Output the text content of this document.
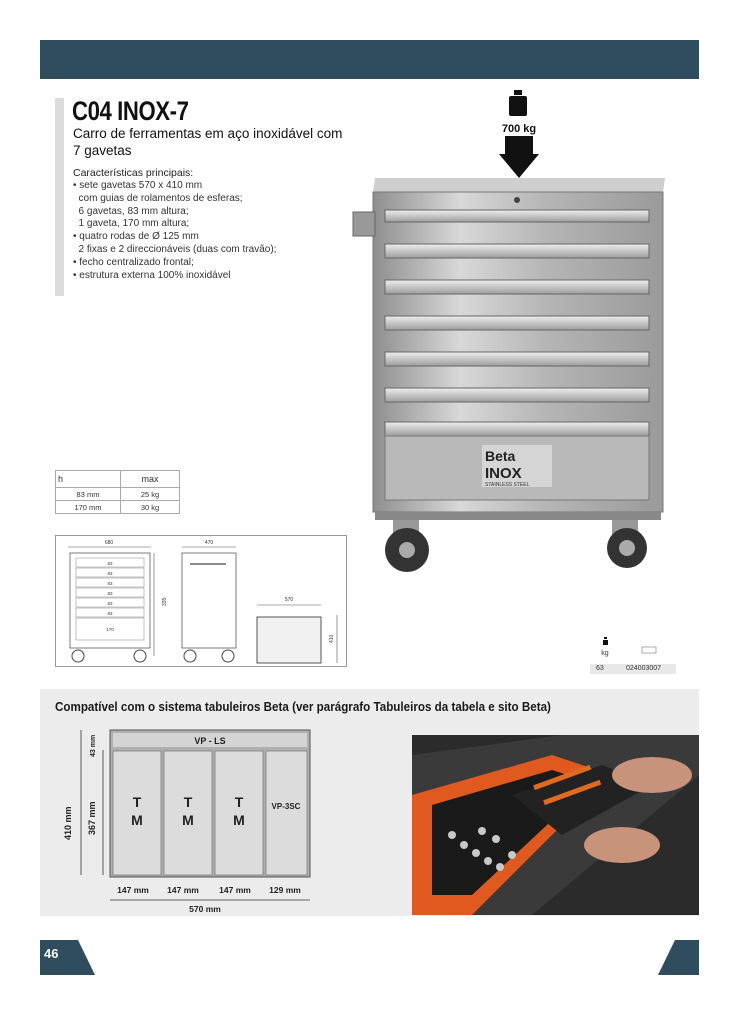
C04 INOX-7
Carro de ferramentas em aço inoxidável com 7 gavetas
Características principais:
• sete gavetas 570 x 410 mm
com guias de rolamentos de esferas;
6 gavetas, 83 mm altura;
1 gaveta, 170 mm altura;
• quatro rodas de Ø 125 mm
2 fixas e 2 direccionáveis (duas com travão);
• fecho centralizado frontal;
• estrutura externa 100% inoxidável
700 kg
Beta
INOX
STAINLESS STEEL
h	max
83 mm	25 kg
170 mm	30 kg
680
83
83
83
83
83
83
170
470
335	570
410
kg
63	024003007
Compatível com o sistema tabuleiros Beta (ver parágrafo Tabuleiros da tabela e sito Beta)
410 mm 367 mm
43 mm	VP - LS
T
M
T
M
T
M
VP-3SC
147 mm 147 mm 147 mm 129 mm
570 mm
46
